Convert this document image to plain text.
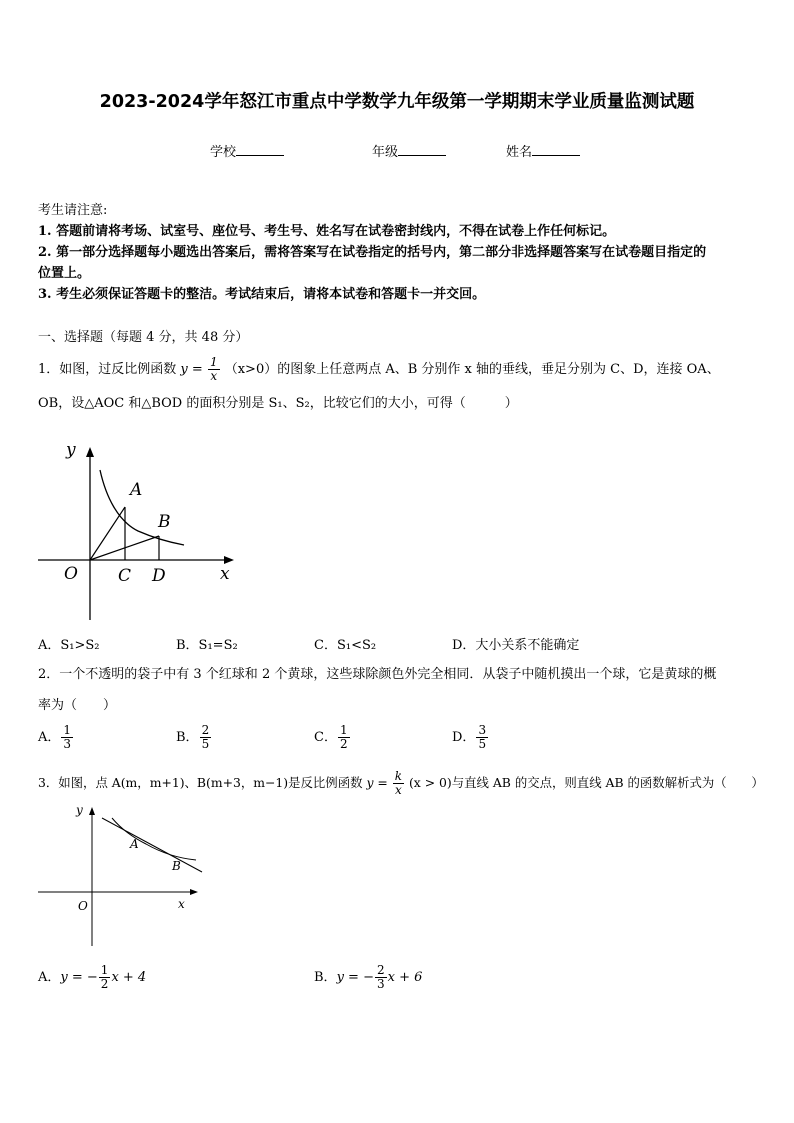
2023-2024学年怒江市重点中学数学九年级第一学期期末学业质量监测试题
学校	年级	姓名
考生请注意:
1. 答题前请将考场、试室号、座位号、考生号、姓名写在试卷密封线内，不得在试卷上作任何标记。
2. 第一部分选择题每小题选出答案后，需将答案写在试卷指定的括号内，第二部分非选择题答案写在试卷题目指定的
位置上。
3. 考生必须保证答题卡的整洁。考试结束后，请将本试卷和答题卡一并交回。
一、选择题（每题 4 分，共 48 分）
1．如图，过反比例函数 $y = \frac{1}{x} (x>0)$的图象上任意两点 A、B 分别作 x 轴的垂线，垂足分别为 C、D，连接 OA、
OB，设△AOC 和△BOD 的面积分别是 S₁、S₂，比较它们的大小，可得（　　　）
y
x
O
A
B
C D
A．S₁>S₂	B．S₁=S₂	C．S₁<S₂	D．大小关系不能确定
2．一个不透明的袋子中有 3 个红球和 2 个黄球，这些球除颜色外完全相同．从袋子中随机摸出一个球，它是黄球的概
率为（　　）
A． $\frac{1}{3}$	B． $\frac{2}{5}$	C． $\frac{1}{2}$	D． $\frac{3}{5}$
3．如图，点 A(m，m+1)、B(m+3，m−1)是反比例函数 $y = \frac{k}{x} (x > 0)$与直线 AB 的交点，则直线 AB 的函数解析式为（　　）
y
x
O
A
B
A．y = − $\frac{1}{2}$ x + 4	B．y = − $\frac{2}{3}$ x + 6
